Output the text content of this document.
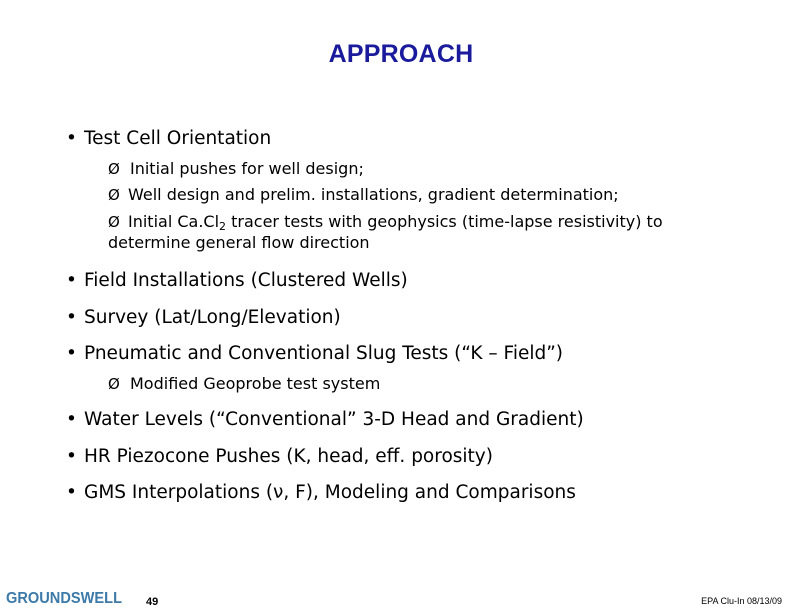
APPROACH
• Test Cell Orientation
Ø Initial pushes for well design;
Ø Well design and prelim. installations, gradient determination;
Ø Initial $Ca.Cl_2$ tracer tests with geophysics (time-lapse resistivity) to
determine general flow direction
• Field Installations (Clustered Wells)
• Survey (Lat/Long/Elevation)
• Pneumatic and Conventional Slug Tests (“K – Field”)
Ø Modified Geoprobe test system
• Water Levels (“Conventional” 3-D Head and Gradient)
• HR Piezocone Pushes (K, head, eff. porosity)
• GMS Interpolations (ν, F), Modeling and Comparisons
GROUNDSWELL 49	EPA Clu-In 08/13/09
